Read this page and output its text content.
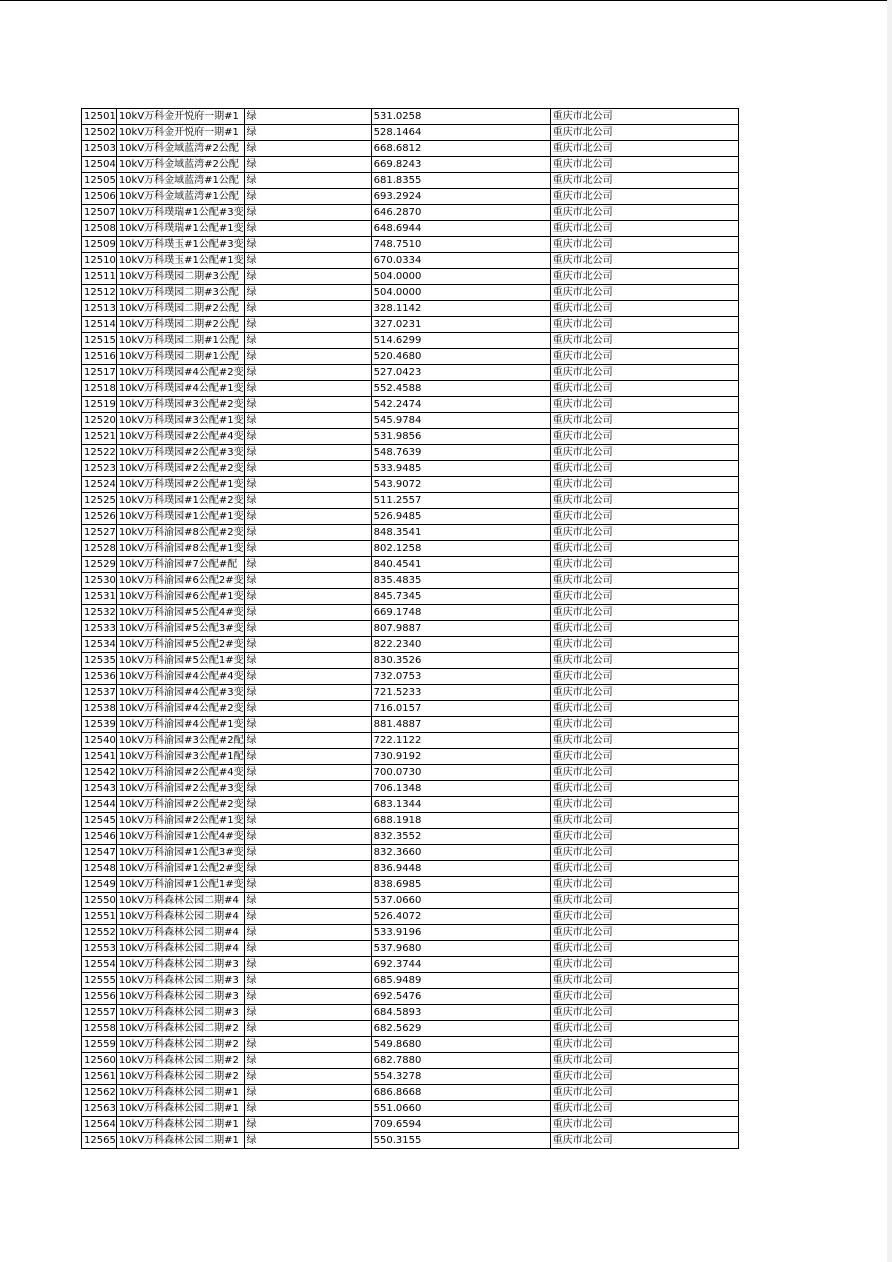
12501	10kV万科金开悦府一期#1	绿	531.0258	重庆市北公司
12502	10kV万科金开悦府一期#1	绿	528.1464	重庆市北公司
12503	10kV万科金域蓝湾#2公配	绿	668.6812	重庆市北公司
12504	10kV万科金域蓝湾#2公配	绿	669.8243	重庆市北公司
12505	10kV万科金域蓝湾#1公配	绿	681.8355	重庆市北公司
12506	10kV万科金域蓝湾#1公配	绿	693.2924	重庆市北公司
12507	10kV万科璞瑞#1公配#3变	绿	646.2870	重庆市北公司
12508	10kV万科璞瑞#1公配#1变	绿	648.6944	重庆市北公司
12509	10kV万科璞玉#1公配#3变	绿	748.7510	重庆市北公司
12510	10kV万科璞玉#1公配#1变	绿	670.0334	重庆市北公司
12511	10kV万科璞园二期#3公配	绿	504.0000	重庆市北公司
12512	10kV万科璞园二期#3公配	绿	504.0000	重庆市北公司
12513	10kV万科璞园二期#2公配	绿	328.1142	重庆市北公司
12514	10kV万科璞园二期#2公配	绿	327.0231	重庆市北公司
12515	10kV万科璞园二期#1公配	绿	514.6299	重庆市北公司
12516	10kV万科璞园二期#1公配	绿	520.4680	重庆市北公司
12517	10kV万科璞园#4公配#2变	绿	527.0423	重庆市北公司
12518	10kV万科璞园#4公配#1变	绿	552.4588	重庆市北公司
12519	10kV万科璞园#3公配#2变	绿	542.2474	重庆市北公司
12520	10kV万科璞园#3公配#1变	绿	545.9784	重庆市北公司
12521	10kV万科璞园#2公配#4变	绿	531.9856	重庆市北公司
12522	10kV万科璞园#2公配#3变	绿	548.7639	重庆市北公司
12523	10kV万科璞园#2公配#2变	绿	533.9485	重庆市北公司
12524	10kV万科璞园#2公配#1变	绿	543.9072	重庆市北公司
12525	10kV万科璞园#1公配#2变	绿	511.2557	重庆市北公司
12526	10kV万科璞园#1公配#1变	绿	526.9485	重庆市北公司
12527	10kV万科渝园#8公配#2变	绿	848.3541	重庆市北公司
12528	10kV万科渝园#8公配#1变	绿	802.1258	重庆市北公司
12529	10kV万科渝园#7公配#配	绿	840.4541	重庆市北公司
12530	10kV万科渝园#6公配2#变	绿	835.4835	重庆市北公司
12531	10kV万科渝园#6公配#1变	绿	845.7345	重庆市北公司
12532	10kV万科渝园#5公配4#变	绿	669.1748	重庆市北公司
12533	10kV万科渝园#5公配3#变	绿	807.9887	重庆市北公司
12534	10kV万科渝园#5公配2#变	绿	822.2340	重庆市北公司
12535	10kV万科渝园#5公配1#变	绿	830.3526	重庆市北公司
12536	10kV万科渝园#4公配#4变	绿	732.0753	重庆市北公司
12537	10kV万科渝园#4公配#3变	绿	721.5233	重庆市北公司
12538	10kV万科渝园#4公配#2变	绿	716.0157	重庆市北公司
12539	10kV万科渝园#4公配#1变	绿	881.4887	重庆市北公司
12540	10kV万科渝园#3公配#2配	绿	722.1122	重庆市北公司
12541	10kV万科渝园#3公配#1配	绿	730.9192	重庆市北公司
12542	10kV万科渝园#2公配#4变	绿	700.0730	重庆市北公司
12543	10kV万科渝园#2公配#3变	绿	706.1348	重庆市北公司
12544	10kV万科渝园#2公配#2变	绿	683.1344	重庆市北公司
12545	10kV万科渝园#2公配#1变	绿	688.1918	重庆市北公司
12546	10kV万科渝园#1公配4#变	绿	832.3552	重庆市北公司
12547	10kV万科渝园#1公配3#变	绿	832.3660	重庆市北公司
12548	10kV万科渝园#1公配2#变	绿	836.9448	重庆市北公司
12549	10kV万科渝园#1公配1#变	绿	838.6985	重庆市北公司
12550	10kV万科森林公园二期#4	绿	537.0660	重庆市北公司
12551	10kV万科森林公园二期#4	绿	526.4072	重庆市北公司
12552	10kV万科森林公园二期#4	绿	533.9196	重庆市北公司
12553	10kV万科森林公园二期#4	绿	537.9680	重庆市北公司
12554	10kV万科森林公园二期#3	绿	692.3744	重庆市北公司
12555	10kV万科森林公园二期#3	绿	685.9489	重庆市北公司
12556	10kV万科森林公园二期#3	绿	692.5476	重庆市北公司
12557	10kV万科森林公园二期#3	绿	684.5893	重庆市北公司
12558	10kV万科森林公园二期#2	绿	682.5629	重庆市北公司
12559	10kV万科森林公园二期#2	绿	549.8680	重庆市北公司
12560	10kV万科森林公园二期#2	绿	682.7880	重庆市北公司
12561	10kV万科森林公园二期#2	绿	554.3278	重庆市北公司
12562	10kV万科森林公园二期#1	绿	686.8668	重庆市北公司
12563	10kV万科森林公园二期#1	绿	551.0660	重庆市北公司
12564	10kV万科森林公园二期#1	绿	709.6594	重庆市北公司
12565	10kV万科森林公园二期#1	绿	550.3155	重庆市北公司
